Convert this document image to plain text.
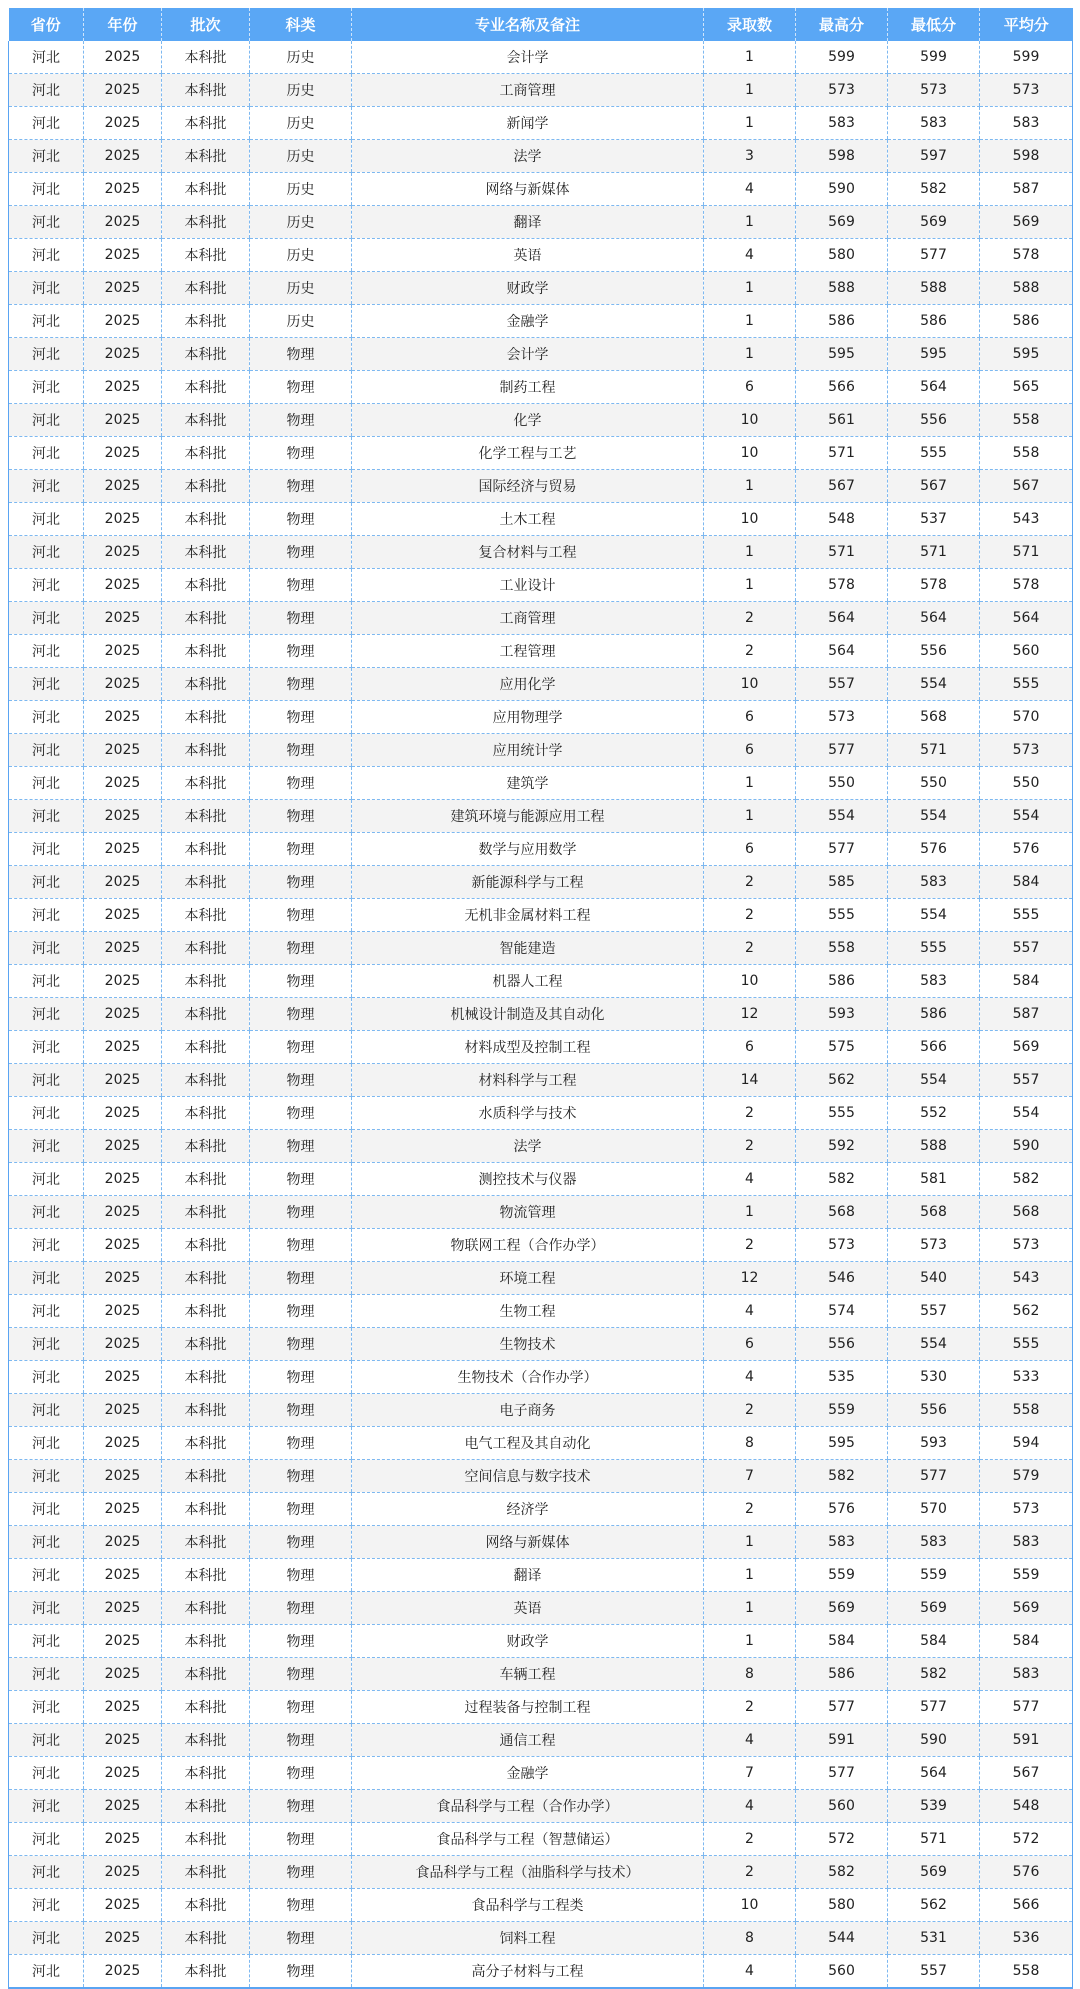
省份	年份	批次	科类	专业名称及备注	录取数	最高分	最低分	平均分
河北	2025	本科批	历史	会计学	1	599	599	599
河北	2025	本科批	历史	工商管理	1	573	573	573
河北	2025	本科批	历史	新闻学	1	583	583	583
河北	2025	本科批	历史	法学	3	598	597	598
河北	2025	本科批	历史	网络与新媒体	4	590	582	587
河北	2025	本科批	历史	翻译	1	569	569	569
河北	2025	本科批	历史	英语	4	580	577	578
河北	2025	本科批	历史	财政学	1	588	588	588
河北	2025	本科批	历史	金融学	1	586	586	586
河北	2025	本科批	物理	会计学	1	595	595	595
河北	2025	本科批	物理	制药工程	6	566	564	565
河北	2025	本科批	物理	化学	10	561	556	558
河北	2025	本科批	物理	化学工程与工艺	10	571	555	558
河北	2025	本科批	物理	国际经济与贸易	1	567	567	567
河北	2025	本科批	物理	土木工程	10	548	537	543
河北	2025	本科批	物理	复合材料与工程	1	571	571	571
河北	2025	本科批	物理	工业设计	1	578	578	578
河北	2025	本科批	物理	工商管理	2	564	564	564
河北	2025	本科批	物理	工程管理	2	564	556	560
河北	2025	本科批	物理	应用化学	10	557	554	555
河北	2025	本科批	物理	应用物理学	6	573	568	570
河北	2025	本科批	物理	应用统计学	6	577	571	573
河北	2025	本科批	物理	建筑学	1	550	550	550
河北	2025	本科批	物理	建筑环境与能源应用工程	1	554	554	554
河北	2025	本科批	物理	数学与应用数学	6	577	576	576
河北	2025	本科批	物理	新能源科学与工程	2	585	583	584
河北	2025	本科批	物理	无机非金属材料工程	2	555	554	555
河北	2025	本科批	物理	智能建造	2	558	555	557
河北	2025	本科批	物理	机器人工程	10	586	583	584
河北	2025	本科批	物理	机械设计制造及其自动化	12	593	586	587
河北	2025	本科批	物理	材料成型及控制工程	6	575	566	569
河北	2025	本科批	物理	材料科学与工程	14	562	554	557
河北	2025	本科批	物理	水质科学与技术	2	555	552	554
河北	2025	本科批	物理	法学	2	592	588	590
河北	2025	本科批	物理	测控技术与仪器	4	582	581	582
河北	2025	本科批	物理	物流管理	1	568	568	568
河北	2025	本科批	物理	物联网工程（合作办学）	2	573	573	573
河北	2025	本科批	物理	环境工程	12	546	540	543
河北	2025	本科批	物理	生物工程	4	574	557	562
河北	2025	本科批	物理	生物技术	6	556	554	555
河北	2025	本科批	物理	生物技术（合作办学）	4	535	530	533
河北	2025	本科批	物理	电子商务	2	559	556	558
河北	2025	本科批	物理	电气工程及其自动化	8	595	593	594
河北	2025	本科批	物理	空间信息与数字技术	7	582	577	579
河北	2025	本科批	物理	经济学	2	576	570	573
河北	2025	本科批	物理	网络与新媒体	1	583	583	583
河北	2025	本科批	物理	翻译	1	559	559	559
河北	2025	本科批	物理	英语	1	569	569	569
河北	2025	本科批	物理	财政学	1	584	584	584
河北	2025	本科批	物理	车辆工程	8	586	582	583
河北	2025	本科批	物理	过程装备与控制工程	2	577	577	577
河北	2025	本科批	物理	通信工程	4	591	590	591
河北	2025	本科批	物理	金融学	7	577	564	567
河北	2025	本科批	物理	食品科学与工程（合作办学）	4	560	539	548
河北	2025	本科批	物理	食品科学与工程（智慧储运）	2	572	571	572
河北	2025	本科批	物理	食品科学与工程（油脂科学与技术）	2	582	569	576
河北	2025	本科批	物理	食品科学与工程类	10	580	562	566
河北	2025	本科批	物理	饲料工程	8	544	531	536
河北	2025	本科批	物理	高分子材料与工程	4	560	557	558
